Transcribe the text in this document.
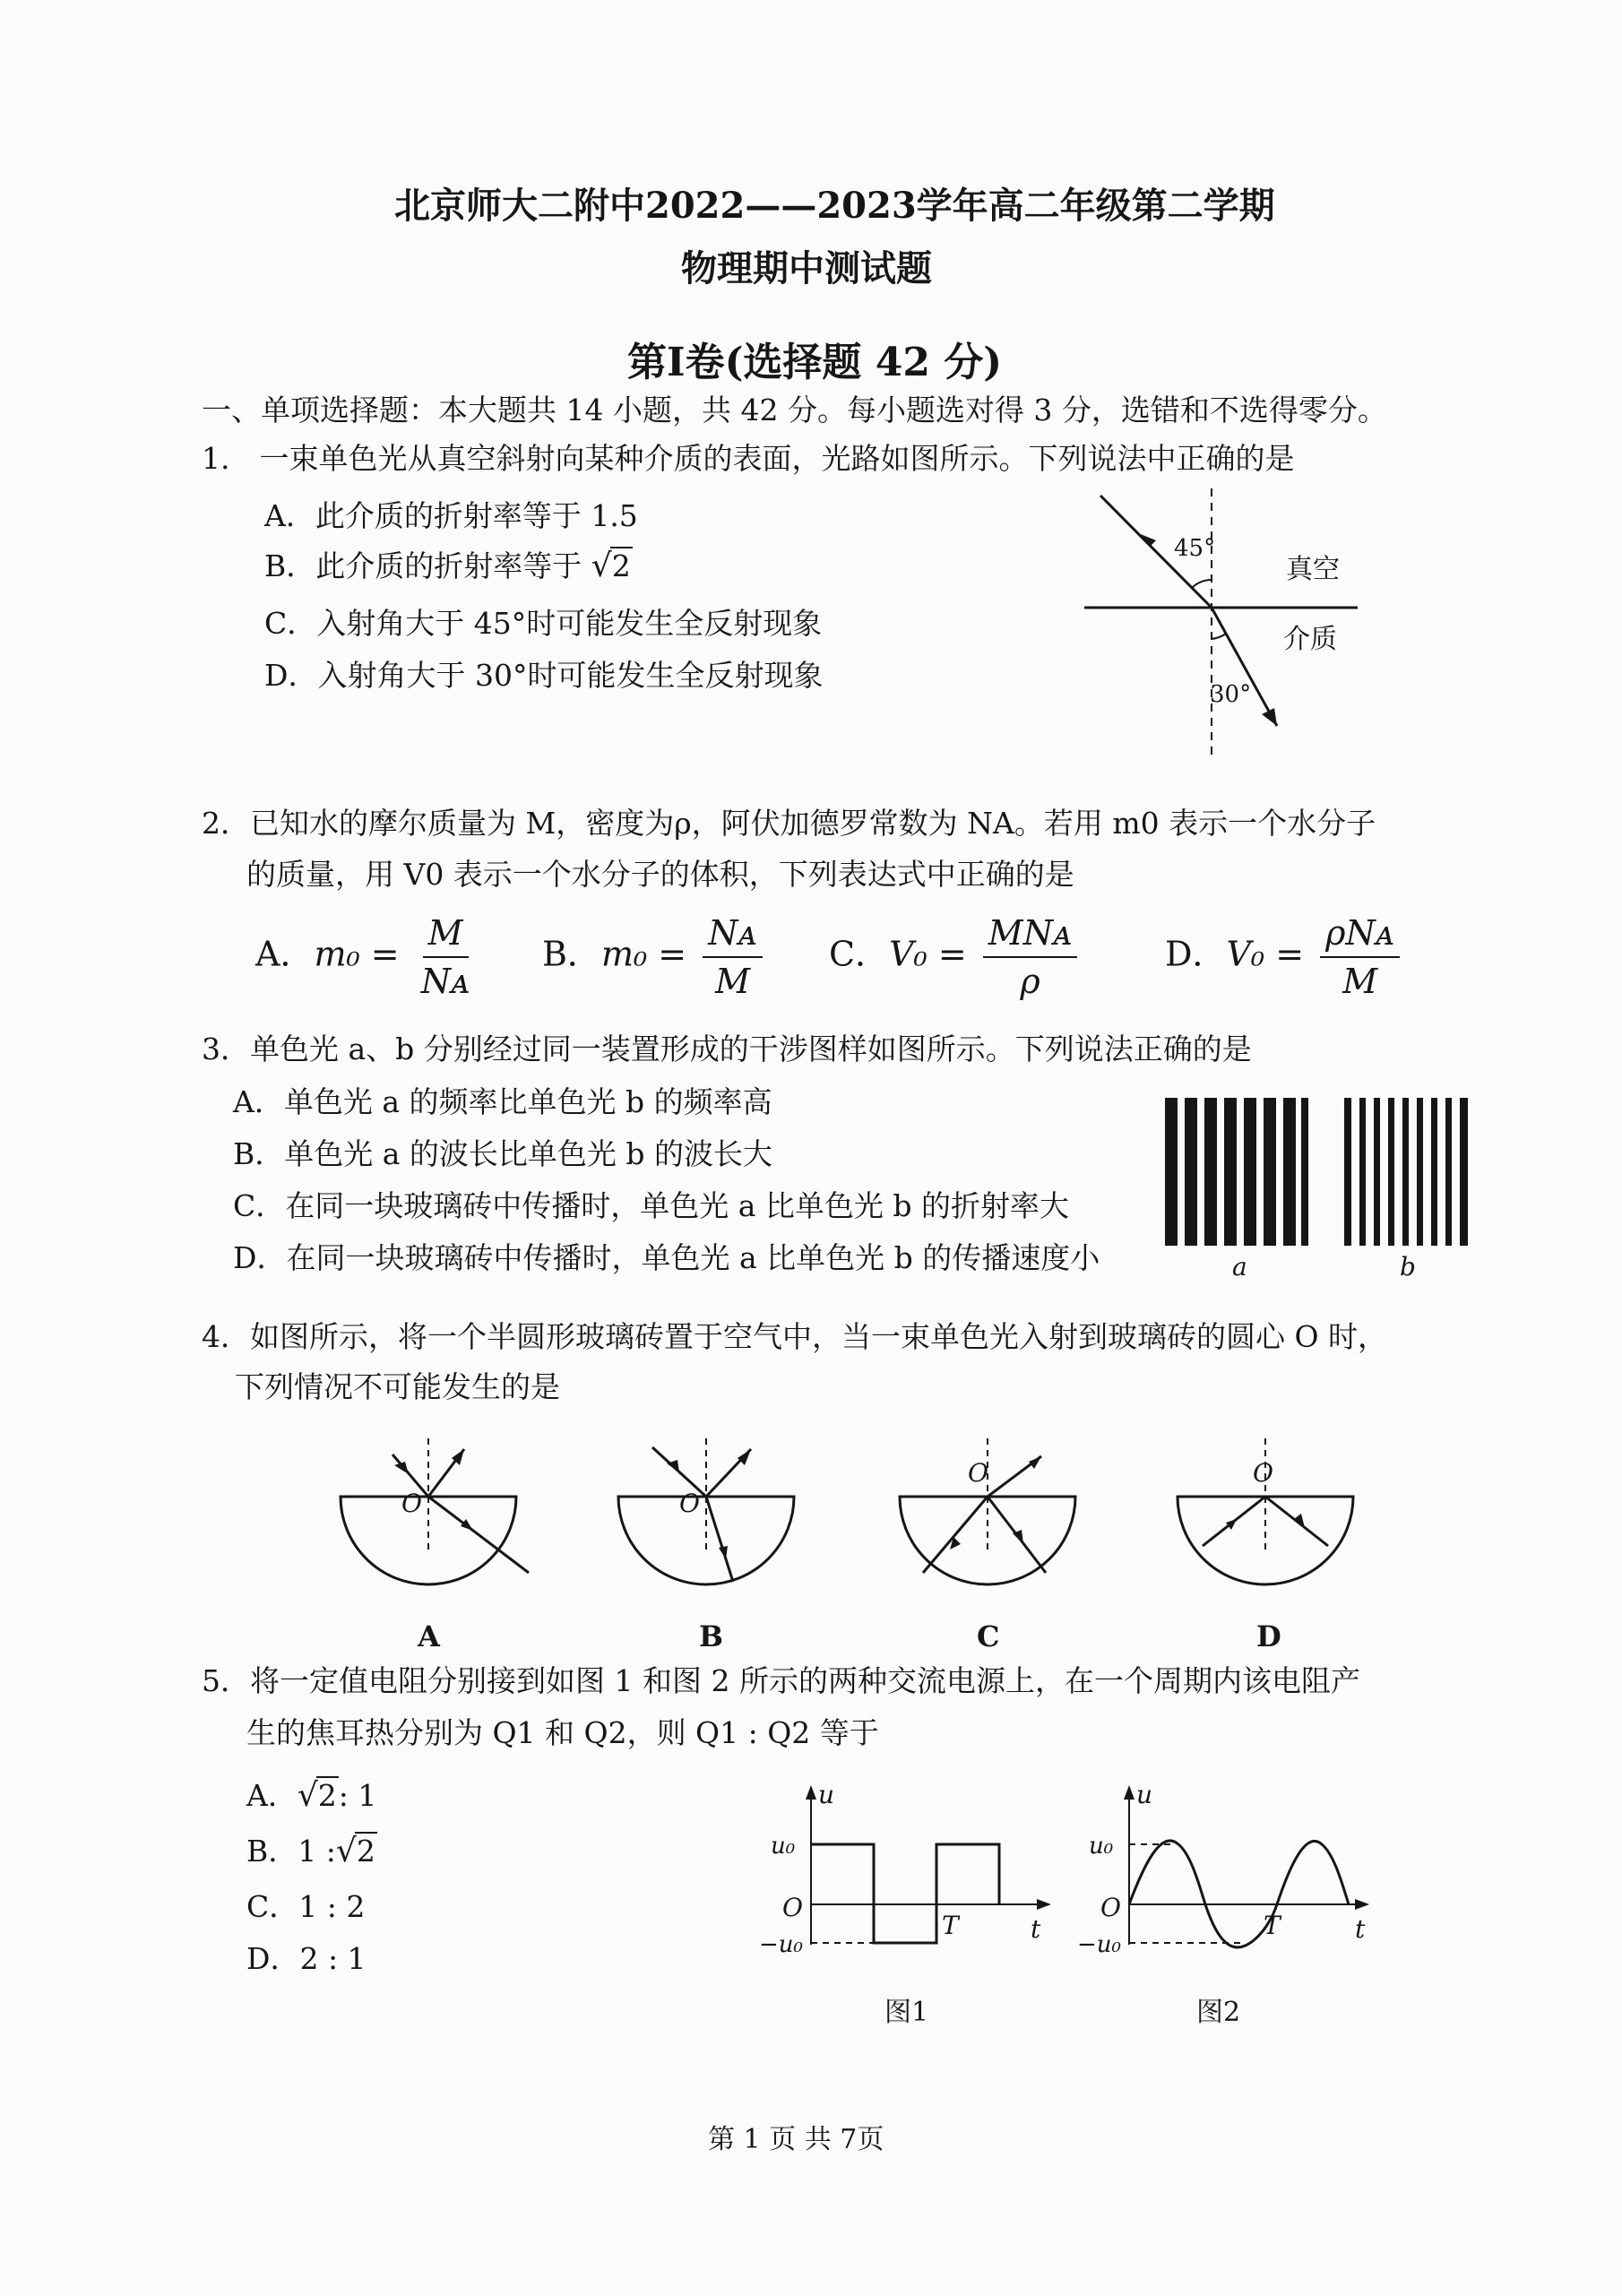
北京师大二附中2022——2023学年高二年级第二学期
物理期中测试题
第I卷(选择题 42 分)
一、单项选择题：本大题共 14 小题，共 42 分。每小题选对得 3 分，选错和不选得零分。
1.　一束单色光从真空斜射向某种介质的表面，光路如图所示。下列说法中正确的是
A．此介质的折射率等于 1.5
B．此介质的折射率等于 √2
C．入射角大于 45°时可能发生全反射现象
D．入射角大于 30°时可能发生全反射现象
45°
30°
真空
介质
2．已知水的摩尔质量为 M，密度为ρ，阿伏加德罗常数为 NA。若用 m0 表示一个水分子
的质量，用 V0 表示一个水分子的体积，下列表达式中正确的是
A．$m_0 = \frac{M}{\text{Nᴀ}}$ B．$m_0 = \frac{\text{Nᴀ}}{M}$ C．$V_0 = \frac{\text{MNᴀ}}{\rho}$	D．$V_0 = \frac{\text{ρNᴀ}}{M}$
3．单色光 a、b 分别经过同一装置形成的干涉图样如图所示。下列说法正确的是
A．单色光 a 的频率比单色光 b 的频率高
B．单色光 a 的波长比单色光 b 的波长大
C．在同一块玻璃砖中传播时，单色光 a 比单色光 b 的折射率大
D．在同一块玻璃砖中传播时，单色光 a 比单色光 b 的传播速度小	a	b
4．如图所示，将一个半圆形玻璃砖置于空气中，当一束单色光入射到玻璃砖的圆心 O 时，
下列情况不可能发生的是
O
A
O
B
O
C
O
D
5．将一定值电阻分别接到如图 1 和图 2 所示的两种交流电源上，在一个周期内该电阻产
生的焦耳热分别为 Q1 和 Q2，则 Q1 : Q2 等于
A．√2: 1
B．1 :√2
C．1 : 2
D．2 : 1
u
t
O
u₀
−u₀
T
图1
u
t
O
u₀
−u₀
T
图2
第 1 页 共 7页
